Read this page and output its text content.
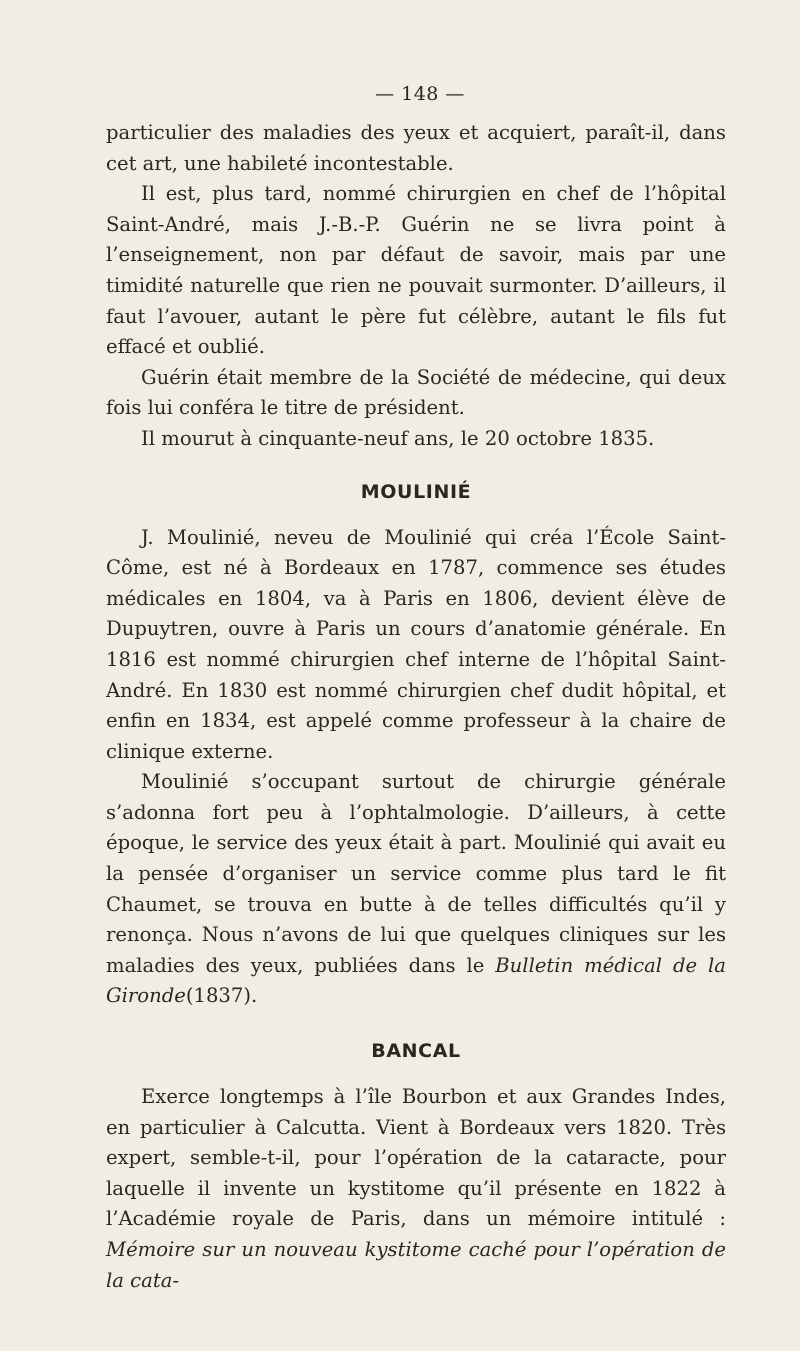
— 148 —

particulier des maladies des yeux et acquiert, paraît-il, dans cet art, une habileté incontestable.

Il est, plus tard, nommé chirurgien en chef de l’hôpital Saint-André, mais J.-B.-P. Guérin ne se livra point à l’enseignement, non par défaut de savoir, mais par une timidité naturelle que rien ne pouvait surmonter. D’ailleurs, il faut l’avouer, autant le père fut célèbre, autant le fils fut effacé et oublié.

Guérin était membre de la Société de médecine, qui deux fois lui conféra le titre de président.

Il mourut à cinquante-neuf ans, le 20 octobre 1835.

MOULINIÉ

J. Moulinié, neveu de Moulinié qui créa l’École Saint-Côme, est né à Bordeaux en 1787, commence ses études médicales en 1804, va à Paris en 1806, devient élève de Dupuytren, ouvre à Paris un cours d’anatomie générale. En 1816 est nommé chirurgien chef interne de l’hôpital Saint-André. En 1830 est nommé chirurgien chef dudit hôpital, et enfin en 1834, est appelé comme professeur à la chaire de clinique externe.

Moulinié s’occupant surtout de chirurgie générale s’adonna fort peu à l’ophtalmologie. D’ailleurs, à cette époque, le service des yeux était à part. Moulinié qui avait eu la pensée d’organiser un service comme plus tard le fit Chaumet, se trouva en butte à de telles difficultés qu’il y renonça. Nous n’avons de lui que quelques cliniques sur les maladies des yeux, publiées dans le Bulletin médical de la Gironde(1837).

BANCAL

Exerce longtemps à l’île Bourbon et aux Grandes Indes, en particulier à Calcutta. Vient à Bordeaux vers 1820. Très expert, semble-t-il, pour l’opération de la cataracte, pour laquelle il invente un kystitome qu’il présente en 1822 à l’Académie royale de Paris, dans un mémoire intitulé : Mémoire sur un nouveau kystitome caché pour l’opération de la cata-
